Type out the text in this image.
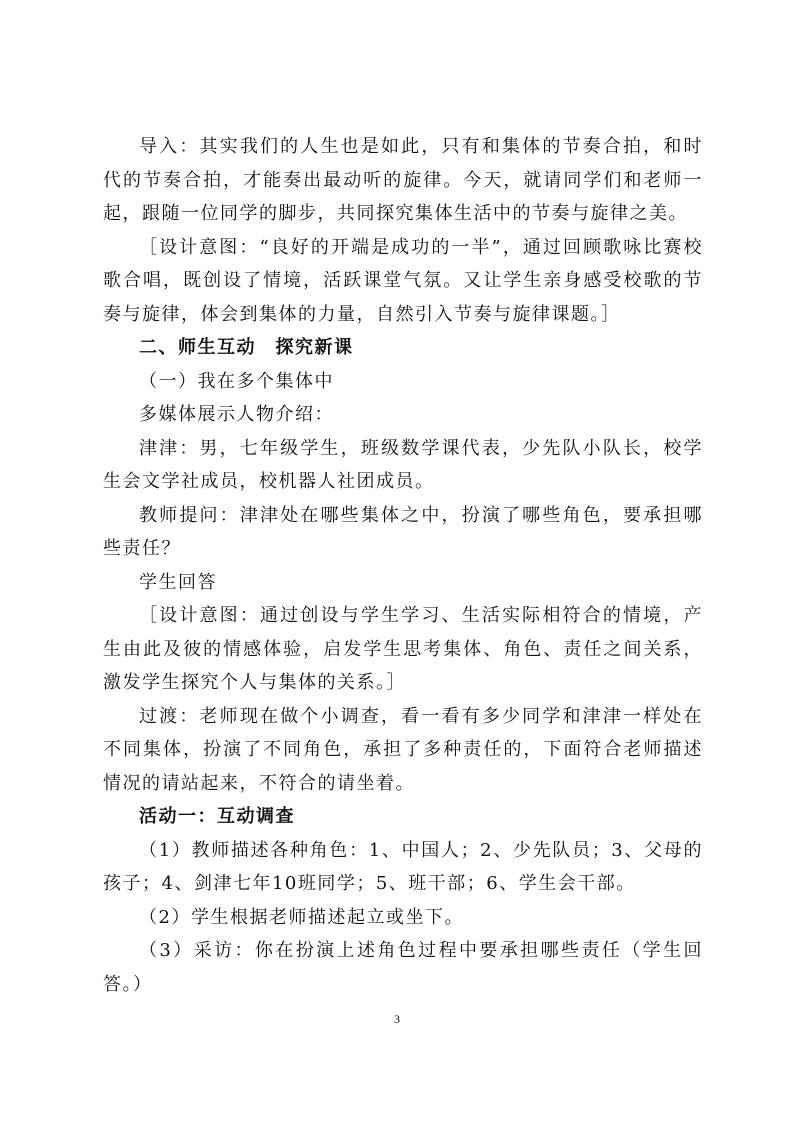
导入：其实我们的人生也是如此，只有和集体的节奏合拍，和时代的节奏合拍，才能奏出最动听的旋律。今天，就请同学们和老师一起，跟随一位同学的脚步，共同探究集体生活中的节奏与旋律之美。

［设计意图：“良好的开端是成功的一半”，通过回顾歌咏比赛校歌合唱，既创设了情境，活跃课堂气氛。又让学生亲身感受校歌的节奏与旋律，体会到集体的力量，自然引入节奏与旋律课题。］

二、师生互动　探究新课

（一）我在多个集体中

多媒体展示人物介绍：

津津：男，七年级学生，班级数学课代表，少先队小队长，校学生会文学社成员，校机器人社团成员。

教师提问：津津处在哪些集体之中，扮演了哪些角色，要承担哪些责任？

学生回答

［设计意图：通过创设与学生学习、生活实际相符合的情境，产生由此及彼的情感体验，启发学生思考集体、角色、责任之间关系，激发学生探究个人与集体的关系。］

过渡：老师现在做个小调查，看一看有多少同学和津津一样处在不同集体，扮演了不同角色，承担了多种责任的，下面符合老师描述情况的请站起来，不符合的请坐着。

活动一：互动调查

（1）教师描述各种角色：1、中国人；2、少先队员；3、父母的孩子；4、剑津七年10班同学；5、班干部；6、学生会干部。

（2）学生根据老师描述起立或坐下。

（3）采访：你在扮演上述角色过程中要承担哪些责任（学生回答。）

3
